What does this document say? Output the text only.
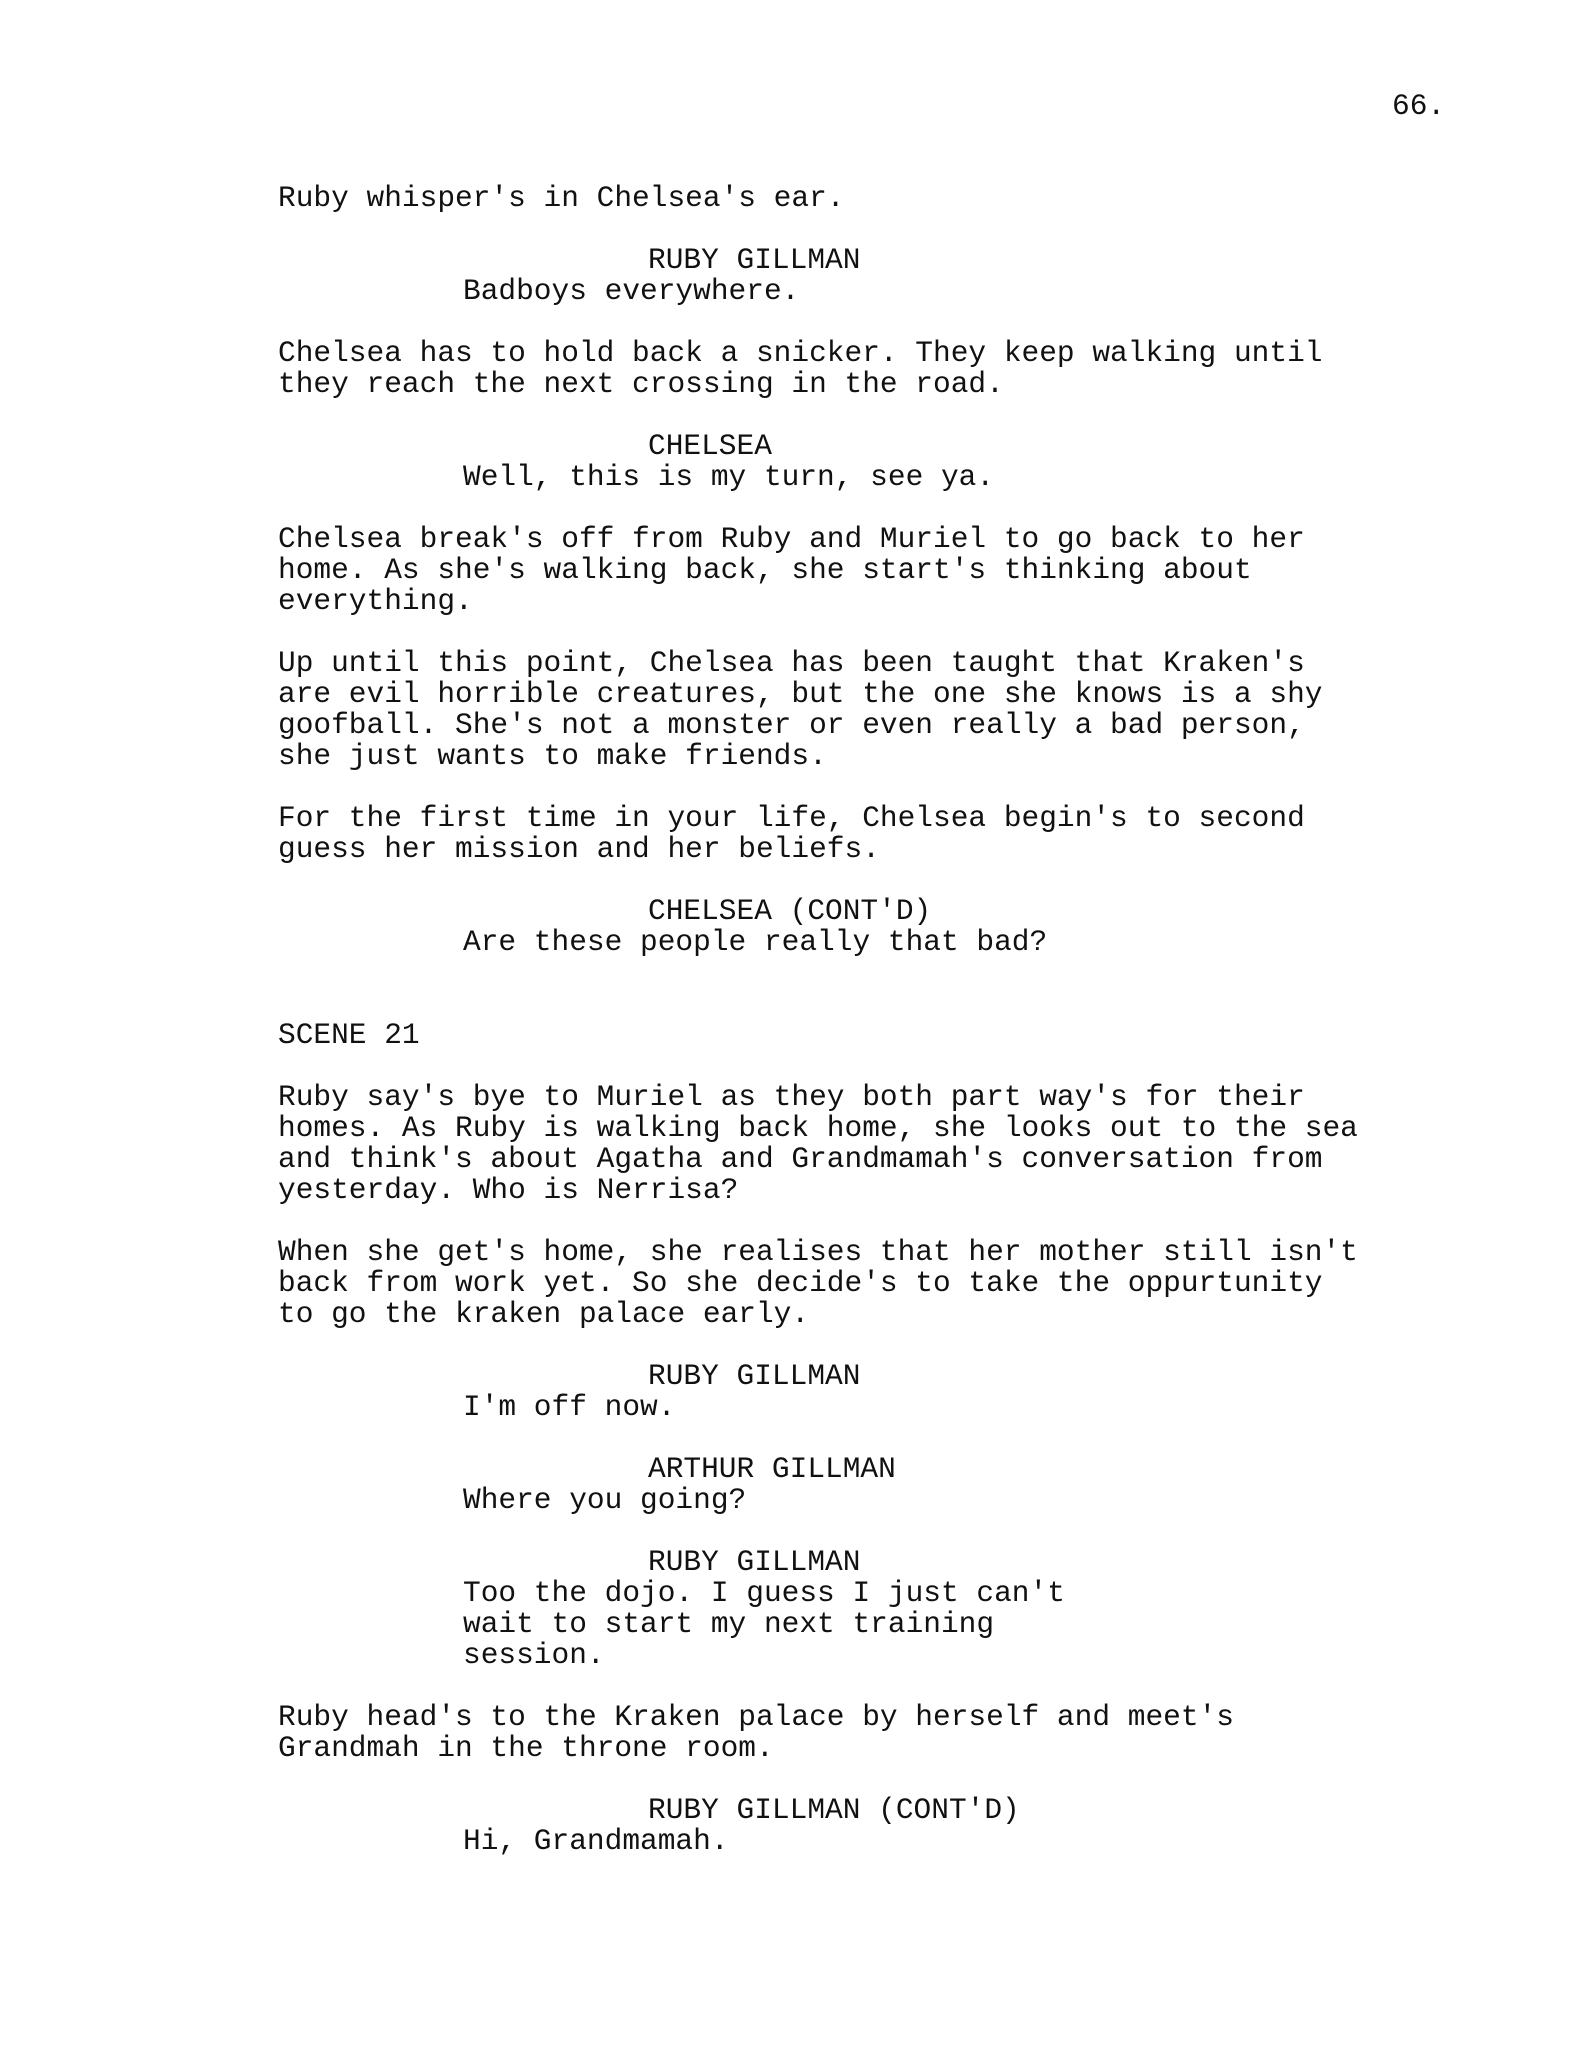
66.
Ruby whisper's in Chelsea's ear.
RUBY GILLMAN
Badboys everywhere.
Chelsea has to hold back a snicker. They keep walking until
they reach the next crossing in the road.
CHELSEA
Well, this is my turn, see ya.
Chelsea break's off from Ruby and Muriel to go back to her
home. As she's walking back, she start's thinking about
everything.
Up until this point, Chelsea has been taught that Kraken's
are evil horrible creatures, but the one she knows is a shy
goofball. She's not a monster or even really a bad person,
she just wants to make friends.
For the first time in your life, Chelsea begin's to second
guess her mission and her beliefs.
CHELSEA (CONT'D)
Are these people really that bad?
SCENE 21
Ruby say's bye to Muriel as they both part way's for their
homes. As Ruby is walking back home, she looks out to the sea
and think's about Agatha and Grandmamah's conversation from
yesterday. Who is Nerrisa?
When she get's home, she realises that her mother still isn't
back from work yet. So she decide's to take the oppurtunity
to go the kraken palace early.
RUBY GILLMAN
I'm off now.
ARTHUR GILLMAN
Where you going?
RUBY GILLMAN
Too the dojo. I guess I just can't
wait to start my next training
session.
Ruby head's to the Kraken palace by herself and meet's
Grandmah in the throne room.
RUBY GILLMAN (CONT'D)
Hi, Grandmamah.
